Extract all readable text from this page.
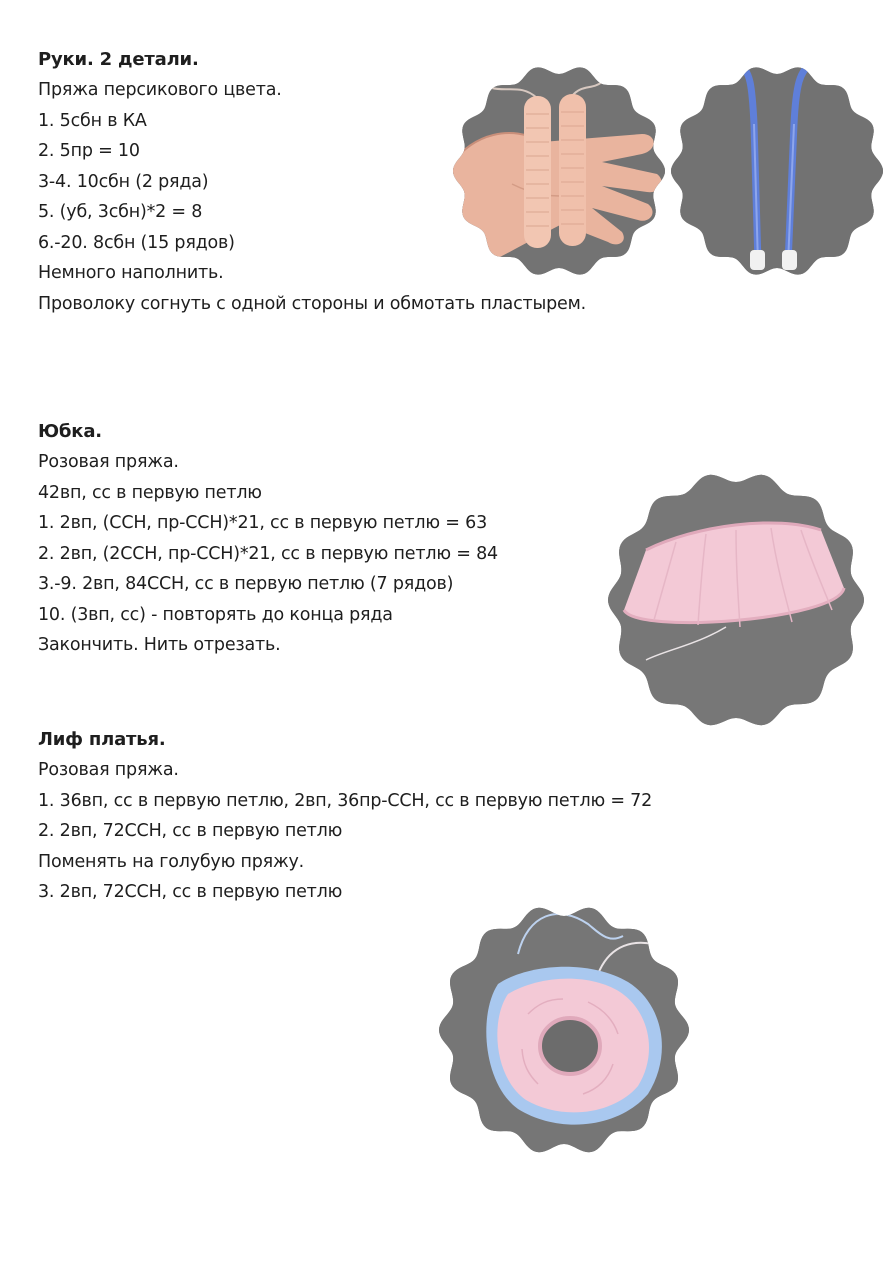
Руки. 2 детали.
Пряжа персикового цвета.
1. 5сбн в КА
2. 5пр = 10
3-4. 10сбн (2 ряда)
5. (уб, 3сбн)*2 = 8
6.-20. 8сбн (15 рядов)
Немного наполнить.
Проволоку согнуть с одной стороны и обмотать пластырем.
Юбка.
Розовая пряжа.
42вп, сс в первую петлю
1. 2вп, (ССН, пр-ССН)*21, сс в первую петлю = 63
2. 2вп, (2ССН, пр-ССН)*21, сс в первую петлю = 84
3.-9. 2вп, 84ССН, сс в первую петлю (7 рядов)
10. (3вп, сс) - повторять до конца ряда
Закончить. Нить отрезать.
Лиф платья.
Розовая пряжа.
1. 36вп, сс в первую петлю, 2вп, 36пр-ССН, сс в первую петлю = 72
2. 2вп, 72ССН, сс в первую петлю
Поменять на голубую пряжу.
3. 2вп, 72ССН, сс в первую петлю
